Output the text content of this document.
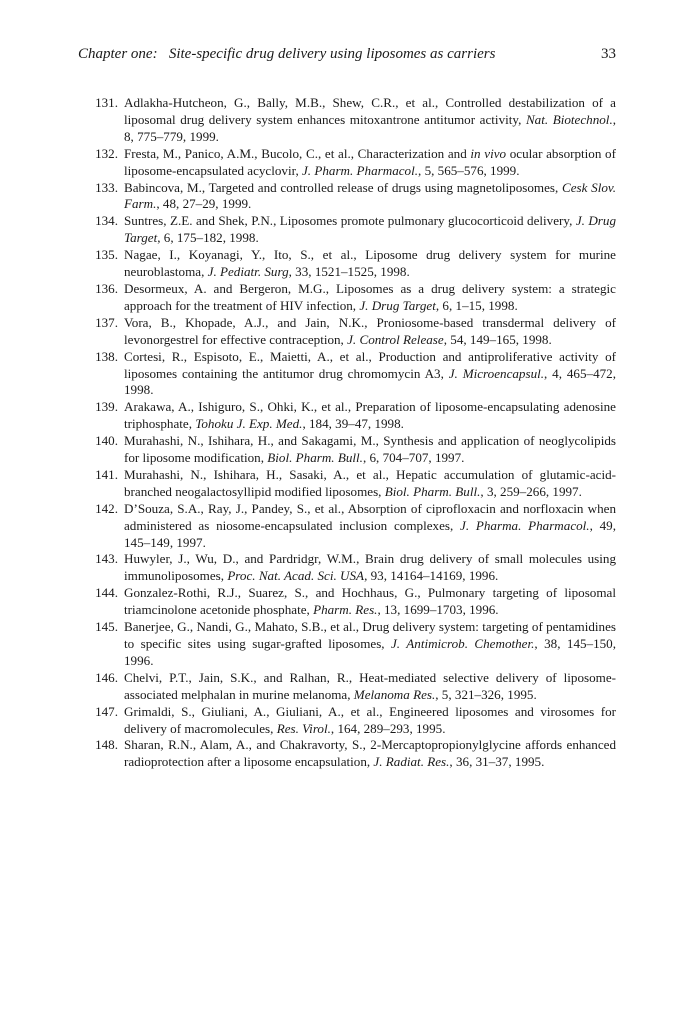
Chapter one: Site-specific drug delivery using liposomes as carriers	33
131. Adlakha-Hutcheon, G., Bally, M.B., Shew, C.R., et al., Controlled destabilization of a liposomal drug delivery system enhances mitoxantrone antitumor activity, Nat. Biotechnol., 8, 775–779, 1999.
132. Fresta, M., Panico, A.M., Bucolo, C., et al., Characterization and in vivo ocular absorption of liposome-encapsulated acyclovir, J. Pharm. Pharmacol., 5, 565–576, 1999.
133. Babincova, M., Targeted and controlled release of drugs using magnetoliposomes, Cesk Slov. Farm., 48, 27–29, 1999.
134. Suntres, Z.E. and Shek, P.N., Liposomes promote pulmonary glucocorticoid delivery, J. Drug Target, 6, 175–182, 1998.
135. Nagae, I., Koyanagi, Y., Ito, S., et al., Liposome drug delivery system for murine neuroblastoma, J. Pediatr. Surg, 33, 1521–1525, 1998.
136. Desormeux, A. and Bergeron, M.G., Liposomes as a drug delivery system: a strategic approach for the treatment of HIV infection, J. Drug Target, 6, 1–15, 1998.
137. Vora, B., Khopade, A.J., and Jain, N.K., Proniosome-based transdermal delivery of levonorgestrel for effective contraception, J. Control Release, 54, 149–165, 1998.
138. Cortesi, R., Espisoto, E., Maietti, A., et al., Production and antiproliferative activity of liposomes containing the antitumor drug chromomycin A3, J. Microencapsul., 4, 465–472, 1998.
139. Arakawa, A., Ishiguro, S., Ohki, K., et al., Preparation of liposome-encapsulating adenosine triphosphate, Tohoku J. Exp. Med., 184, 39–47, 1998.
140. Murahashi, N., Ishihara, H., and Sakagami, M., Synthesis and application of neoglycolipids for liposome modification, Biol. Pharm. Bull., 6, 704–707, 1997.
141. Murahashi, N., Ishihara, H., Sasaki, A., et al., Hepatic accumulation of glutamic-acid-branched neogalactosyllipid modified liposomes, Biol. Pharm. Bull., 3, 259–266, 1997.
142. D’Souza, S.A., Ray, J., Pandey, S., et al., Absorption of ciprofloxacin and norfloxacin when administered as niosome-encapsulated inclusion complexes, J. Pharma. Pharmacol., 49, 145–149, 1997.
143. Huwyler, J., Wu, D., and Pardridgr, W.M., Brain drug delivery of small molecules using immunoliposomes, Proc. Nat. Acad. Sci. USA, 93, 14164–14169, 1996.
144. Gonzalez-Rothi, R.J., Suarez, S., and Hochhaus, G., Pulmonary targeting of liposomal triamcinolone acetonide phosphate, Pharm. Res., 13, 1699–1703, 1996.
145. Banerjee, G., Nandi, G., Mahato, S.B., et al., Drug delivery system: targeting of pentamidines to specific sites using sugar-grafted liposomes, J. Antimicrob. Chemother., 38, 145–150, 1996.
146. Chelvi, P.T., Jain, S.K., and Ralhan, R., Heat-mediated selective delivery of liposome-associated melphalan in murine melanoma, Melanoma Res., 5, 321–326, 1995.
147. Grimaldi, S., Giuliani, A., Giuliani, A., et al., Engineered liposomes and virosomes for delivery of macromolecules, Res. Virol., 164, 289–293, 1995.
148. Sharan, R.N., Alam, A., and Chakravorty, S., 2-Mercaptopropionylglycine affords enhanced radioprotection after a liposome encapsulation, J. Radiat. Res., 36, 31–37, 1995.
